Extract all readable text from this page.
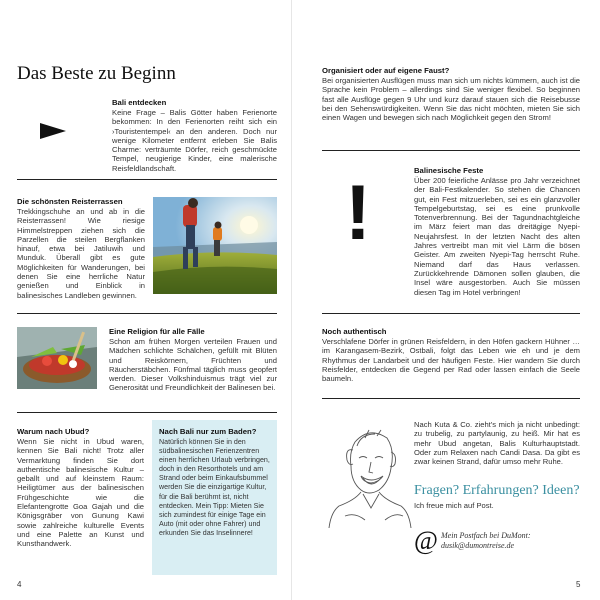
Das Beste zu Beginn
Bali entdecken
Keine Frage – Balis Götter haben Ferienorte bekommen: In den Ferienorten reiht sich ein ›Touristentempel‹ an den anderen. Doch nur wenige Kilometer entfernt erleben Sie Balis Charme: verträumte Dörfer, reich geschmückte Tempel, neugierige Kinder, eine malerische Reisfeldlandschaft.
Die schönsten Reisterrassen
Trekkingschuhe an und ab in die Reisterrassen! Wie riesige Himmelstreppen ziehen sich die Parzellen die steilen Bergflanken hinauf, etwa bei Jatiluwih und Munduk. Überall gibt es gute Möglichkeiten für Wanderungen, bei denen Sie eine herrliche Natur genießen und Einblick in balinesisches Landleben gewinnen.
Eine Religion für alle Fälle
Schon am frühen Morgen verteilen Frauen und Mädchen schlichte Schälchen, gefüllt mit Blüten und Reiskörnern, Früchten und Räucherstäbchen. Fünfmal täglich muss geopfert werden. Dieser Volkshinduismus trägt viel zur Generosität und Freundlichkeit der Balinesen bei.
Warum nach Ubud?
Wenn Sie nicht in Ubud waren, kennen Sie Bali nicht! Trotz aller Vermarktung finden Sie dort authentische balinesische Kultur – geballt und auf kleinstem Raum: Heiligtümer aus der balinesischen Frühgeschichte wie die Elefantengrotte Goa Gajah und die Königsgräber von Gunung Kawi sowie zahlreiche kulturelle Events und eine Palette an Kunst und Kunsthandwerk.
Nach Bali nur zum Baden?
Natürlich können Sie in den südbalinesischen Ferienzentren einen herrlichen Urlaub verbringen, doch in den Resorthotels und am Strand oder beim Einkaufsbummel werden Sie die einzigartige Kultur, für die Bali berühmt ist, nicht entdecken. Mein Tipp: Mieten Sie sich zumindest für einige Tage ein Auto (mit oder ohne Fahrer) und erkunden Sie das Inselinnere!
4
Organisiert oder auf eigene Faust?
Bei organisierten Ausflügen muss man sich um nichts kümmern, auch ist die Sprache kein Problem – allerdings sind Sie weniger flexibel. So beginnen fast alle Ausflüge gegen 9 Uhr und kurz darauf stauen sich die Reisebusse bei den Sehenswürdigkeiten. Wenn Sie das nicht möchten, mieten Sie sich einen Wagen und bewegen sich nach Möglichkeit gegen den Strom!
!	Balinesische Feste
Über 200 feierliche Anlässe pro Jahr verzeichnet der Bali-Festkalender. So stehen die Chancen gut, ein Fest mitzuerleben, sei es ein glanzvoller Tempelgeburtstag, sei es eine prunkvolle Totenverbrennung. Bei der Tagundnachtgleiche im März feiert man das dreitägige Nyepi-Neujahrsfest. In der letzten Nacht des alten Jahres vertreibt man mit viel Lärm die bösen Geister. Am zweiten Nyepi-Tag herrscht Ruhe. Niemand darf das Haus verlassen. Zurückkehrende Dämonen sollen glauben, die Insel wäre ausgestorben. Auch Sie müssen diesen Tag im Hotel verbringen!
Noch authentisch
Verschlafene Dörfer in grünen Reisfeldern, in den Höfen gackern Hühner … im Karangasem-Bezirk, Ostbali, folgt das Leben wie eh und je dem Rhythmus der Landarbeit und der häufigen Feste. Hier wandern Sie durch Reisfelder, entdecken die Gegend per Rad oder lassen einfach die Seele baumeln.
Nach Kuta & Co. zieht's mich ja nicht unbedingt: zu trubelig, zu partylaunig, zu heiß. Mir hat es mehr Ubud angetan, Balis Kulturhauptstadt. Oder zum Relaxen nach Candi Dasa. Da gibt es zwar keinen Strand, dafür umso mehr Ruhe.
Fragen? Erfahrungen? Ideen?
Ich freue mich auf Post.
@ Mein Postfach bei DuMont:
dusik@dumontreise.de
5
